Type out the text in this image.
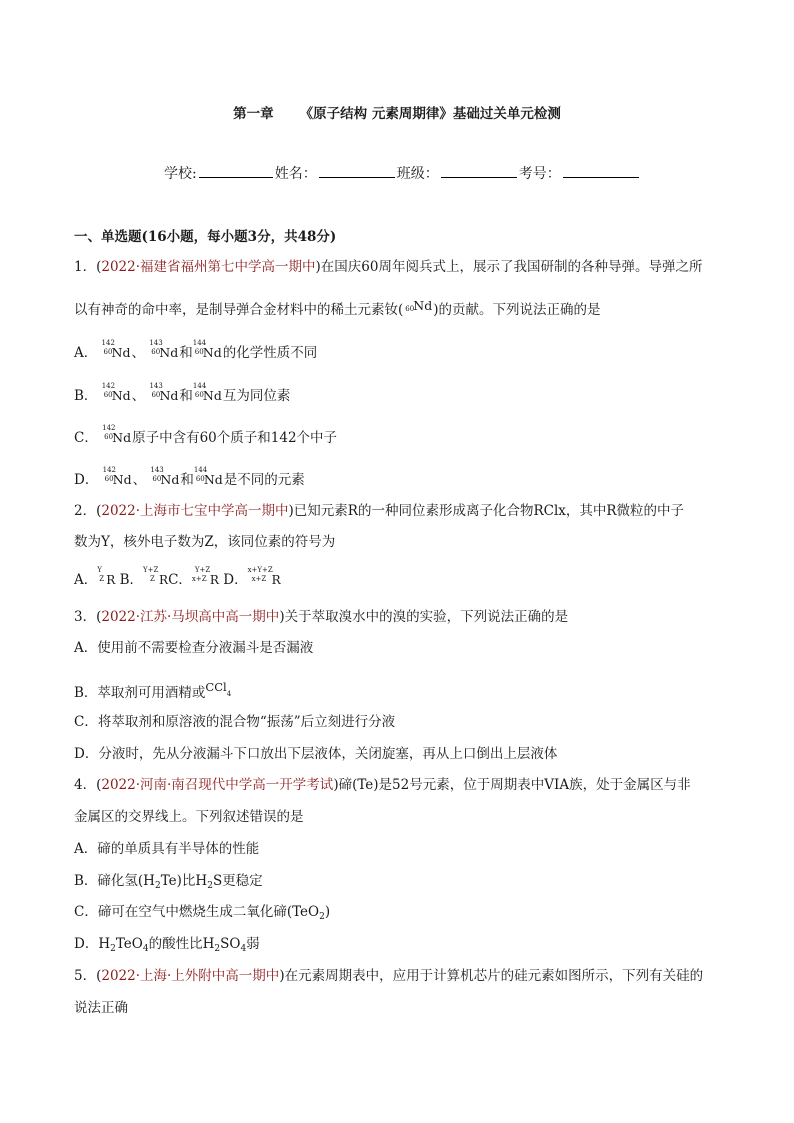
第一章 《原子结构 元素周期律》基础过关单元检测
学校:	姓名：	班级：	考号：
一、单选题(16小题，每小题3分，共48分)
1．(2022·福建省福州第七中学高一期中)在国庆60周年阅兵式上，展示了我国研制的各种导弹。导弹之所
以有神奇的命中率，是制导弹合金材料中的稀土元素钕( 60 Nd)的贡献。下列说法正确的是
A．
142
60 Nd、
143
60 Nd和
144
60 Nd的化学性质不同
B．
142
60 Nd、
143
60 Nd和
144
60 Nd互为同位素
C．
142
60 Nd原子中含有60个质子和142个中子
D．
142
60 Nd、
143
60 Nd和
144
60 Nd是不同的元素
2．(2022·上海市七宝中学高一期中)已知元素R的一种同位素形成离子化合物RClx，其中R微粒的中子
数为Y，核外电子数为Z，该同位素的符号为
A．
Y
Z R B．
Y+Z
Z RC．
Y+Z
x+Z R D．
x+Y+Z
x+Z R
3．(2022·江苏·马坝高中高一期中)关于萃取溴水中的溴的实验，下列说法正确的是
A．使用前不需要检查分液漏斗是否漏液
B．萃取剂可用酒精或CCl4
C．将萃取剂和原溶液的混合物“振荡”后立刻进行分液
D．分液时，先从分液漏斗下口放出下层液体，关闭旋塞，再从上口倒出上层液体
4．(2022·河南·南召现代中学高一开学考试)碲(Te)是52号元素，位于周期表中VIA族，处于金属区与非
金属区的交界线上。下列叙述错误的是
A．碲的单质具有半导体的性能
B．碲化氢$(H_2Te)$比$H_2S$更稳定
C．碲可在空气中燃烧生成二氧化碲(TeO$_2$)
D．$H_2TeO_4$的酸性比$H_2SO_4$弱
5．(2022·上海·上外附中高一期中)在元素周期表中，应用于计算机芯片的硅元素如图所示，下列有关硅的
说法正确
